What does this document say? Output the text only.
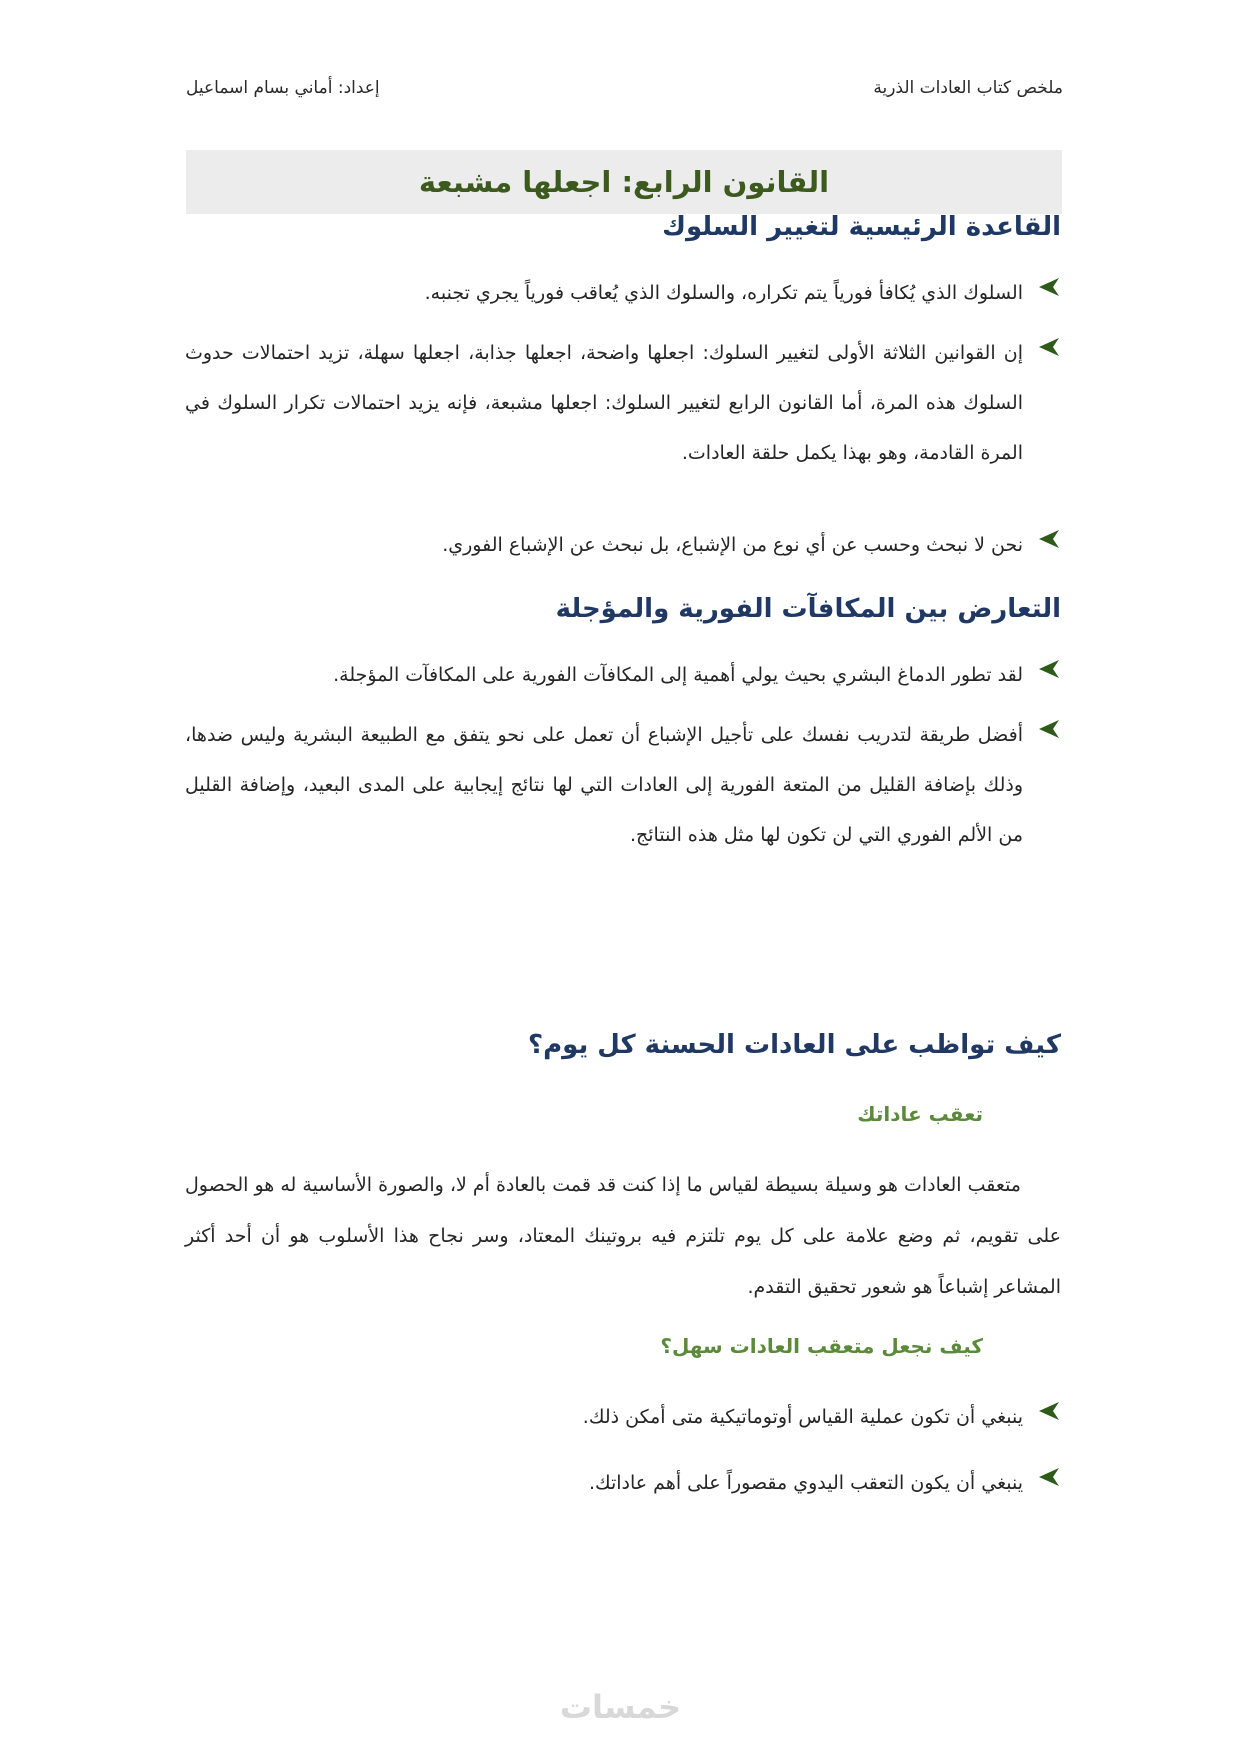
ملخص كتاب العادات الذرية
إعداد: أماني بسام اسماعيل
القانون الرابع: اجعلها مشبعة
القاعدة الرئيسية لتغيير السلوك
السلوك الذي يُكافأ فورياً يتم تكراره، والسلوك الذي يُعاقب فورياً يجري تجنبه.
إن القوانين الثلاثة الأولى لتغيير السلوك: اجعلها واضحة، اجعلها جذابة، اجعلها سهلة، تزيد احتمالات حدوث السلوك هذه المرة، أما القانون الرابع لتغيير السلوك: اجعلها مشبعة، فإنه يزيد احتمالات تكرار السلوك في المرة القادمة، وهو بهذا يكمل حلقة العادات.
نحن لا نبحث وحسب عن أي نوع من الإشباع، بل نبحث عن الإشباع الفوري.
التعارض بين المكافآت الفورية والمؤجلة
لقد تطور الدماغ البشري بحيث يولي أهمية إلى المكافآت الفورية على المكافآت المؤجلة.
أفضل طريقة لتدريب نفسك على تأجيل الإشباع أن تعمل على نحو يتفق مع الطبيعة البشرية وليس ضدها، وذلك بإضافة القليل من المتعة الفورية إلى العادات التي لها نتائج إيجابية على المدى البعيد، وإضافة القليل من الألم الفوري التي لن تكون لها مثل هذه النتائج.
كيف تواظب على العادات الحسنة كل يوم؟
تعقب عاداتك

متعقب العادات هو وسيلة بسيطة لقياس ما إذا كنت قد قمت بالعادة أم لا، والصورة الأساسية له هو الحصول على تقويم، ثم وضع علامة على كل يوم تلتزم فيه بروتينك المعتاد، وسر نجاح هذا الأسلوب هو أن أحد أكثر المشاعر إشباعاً هو شعور تحقيق التقدم.

كيف نجعل متعقب العادات سهل؟
ينبغي أن تكون عملية القياس أوتوماتيكية متى أمكن ذلك.
ينبغي أن يكون التعقب اليدوي مقصوراً على أهم عاداتك.
خمسات
